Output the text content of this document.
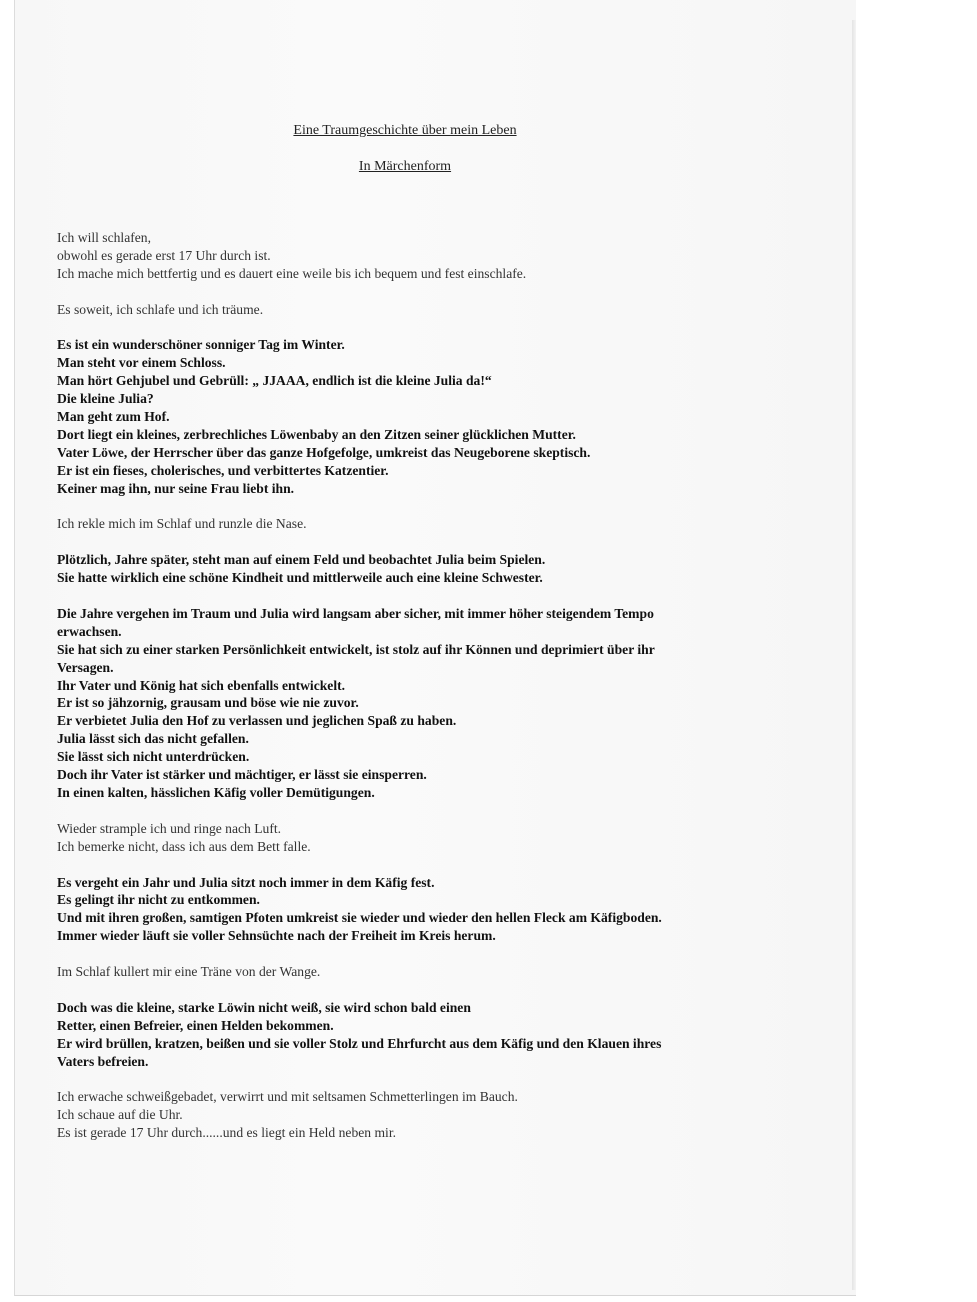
Eine Traumgeschichte über mein Leben
In Märchenform
Ich will schlafen,
obwohl es gerade erst 17 Uhr durch ist.
Ich mache mich bettfertig und es dauert eine weile bis ich bequem und fest einschlafe.
Es soweit, ich schlafe und ich träume.
Es ist ein wunderschöner sonniger Tag im Winter.
Man steht vor einem Schloss.
Man hört Gehjubel und Gebrüll: „ JJAAA, endlich ist die kleine Julia da!“
Die kleine Julia?
Man geht zum Hof.
Dort liegt ein kleines, zerbrechliches Löwenbaby an den Zitzen seiner glücklichen Mutter.
Vater Löwe, der Herrscher über das ganze Hofgefolge, umkreist das Neugeborene skeptisch.
Er ist ein fieses, cholerisches, und verbittertes Katzentier.
Keiner mag ihn, nur seine Frau liebt ihn.
Ich rekle mich im Schlaf und runzle die Nase.
Plötzlich, Jahre später, steht man auf einem Feld und beobachtet Julia beim Spielen.
Sie hatte wirklich eine schöne Kindheit und mittlerweile auch eine kleine Schwester.
Die Jahre vergehen im Traum und Julia wird langsam aber sicher, mit immer höher steigendem Tempo
erwachsen.
Sie hat sich zu einer starken Persönlichkeit entwickelt, ist stolz auf ihr Können und deprimiert über ihr
Versagen.
Ihr Vater und König hat sich ebenfalls entwickelt.
Er ist so jähzornig, grausam und böse wie nie zuvor.
Er verbietet Julia den Hof zu verlassen und jeglichen Spaß zu haben.
Julia lässt sich das nicht gefallen.
Sie lässt sich nicht unterdrücken.
Doch ihr Vater ist stärker und mächtiger, er lässt sie einsperren.
In einen kalten, hässlichen Käfig voller Demütigungen.
Wieder strample ich und ringe nach Luft.
Ich bemerke nicht, dass ich aus dem Bett falle.
Es vergeht ein Jahr und Julia sitzt noch immer in dem Käfig fest.
Es gelingt ihr nicht zu entkommen.
Und mit ihren großen, samtigen Pfoten umkreist sie wieder und wieder den hellen Fleck am Käfigboden.
Immer wieder läuft sie voller Sehnsüchte nach der Freiheit im Kreis herum.
Im Schlaf kullert mir eine Träne von der Wange.
Doch was die kleine, starke Löwin nicht weiß, sie wird schon bald einen
Retter, einen Befreier, einen Helden bekommen.
Er wird brüllen, kratzen, beißen und sie voller Stolz und Ehrfurcht aus dem Käfig und den Klauen ihres
Vaters befreien.
Ich erwache schweißgebadet, verwirrt und mit seltsamen Schmetterlingen im Bauch.
Ich schaue auf die Uhr.
Es ist gerade 17 Uhr durch......und es liegt ein Held neben mir.
